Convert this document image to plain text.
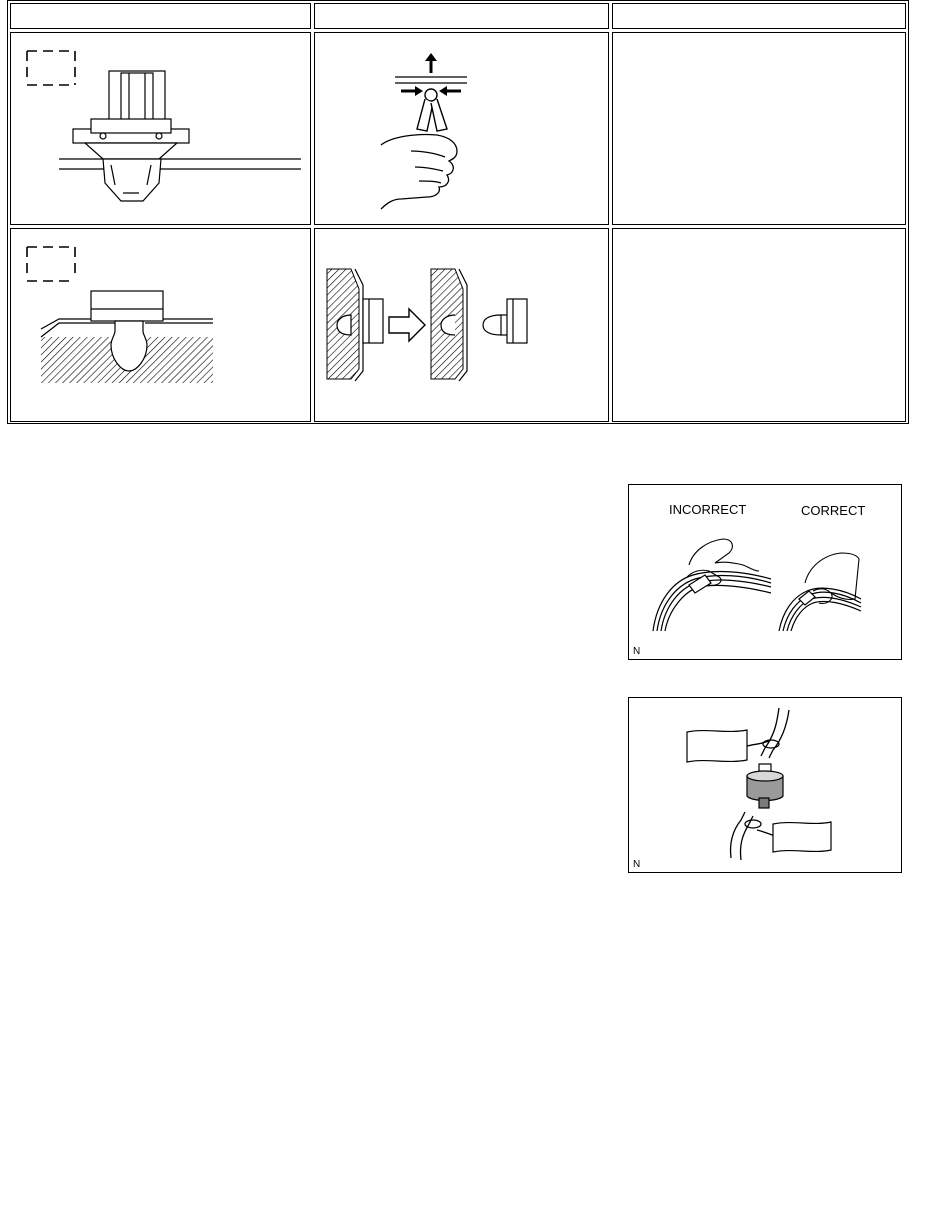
INCORRECT	CORRECT
N
N
